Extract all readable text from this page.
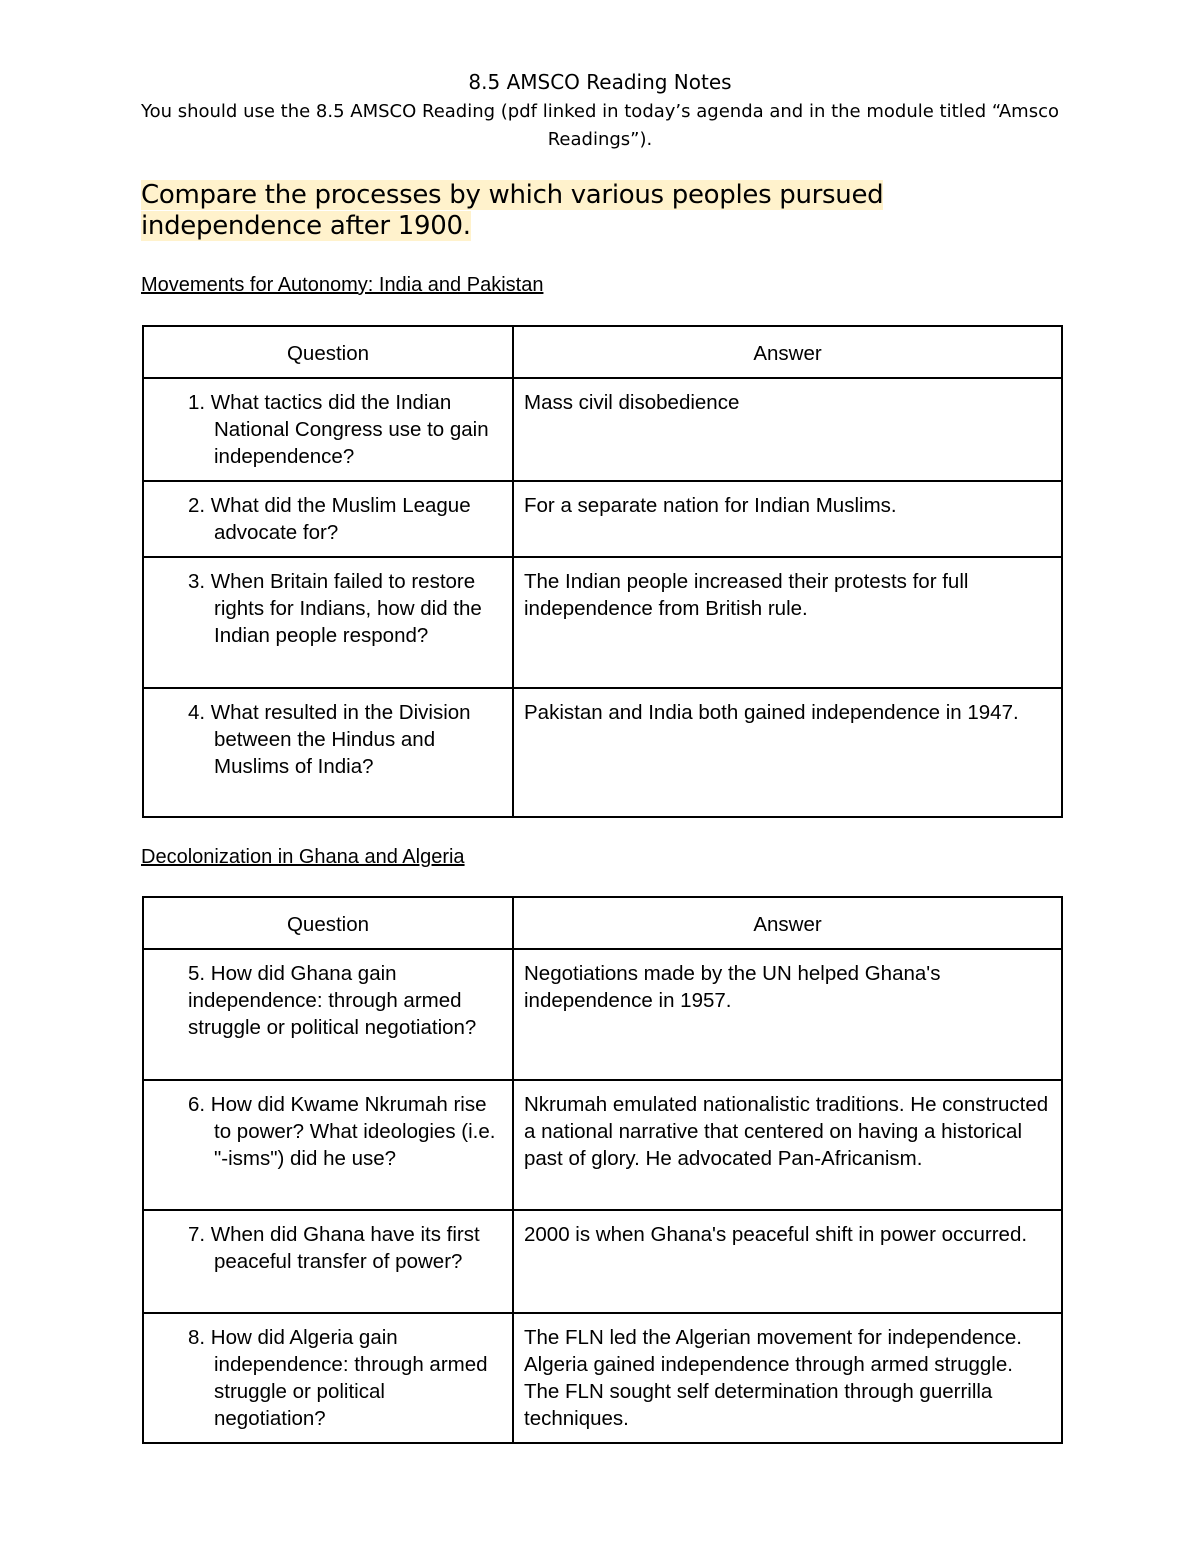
8.5 AMSCO Reading Notes
You should use the 8.5 AMSCO Reading (pdf linked in today’s agenda and in the module titled “Amsco Readings”).
Compare the processes by which various peoples pursued independence after 1900.
Movements for Autonomy: India and Pakistan
Question	Answer
1. What tactics did the Indian National Congress use to gain independence?	Mass civil disobedience
2. What did the Muslim League advocate for?	For a separate nation for Indian Muslims.
3. When Britain failed to restore rights for Indians, how did the Indian people respond?	The Indian people increased their protests for full independence from British rule.
4. What resulted in the Division between the Hindus and Muslims of India?	Pakistan and India both gained independence in 1947.
Decolonization in Ghana and Algeria
Question	Answer
5. How did Ghana gain independence: through armed struggle or political negotiation?	Negotiations made by the UN helped Ghana's independence in 1957.
6. How did Kwame Nkrumah rise to power? What ideologies (i.e. "-isms") did he use?	Nkrumah emulated nationalistic traditions. He constructed a national narrative that centered on having a historical past of glory. He advocated Pan-Africanism.
7. When did Ghana have its first peaceful transfer of power?	2000 is when Ghana's peaceful shift in power occurred.
8. How did Algeria gain independence: through armed struggle or political negotiation?	The FLN led the Algerian movement for independence. Algeria gained independence through armed struggle. The FLN sought self determination through guerrilla techniques.
